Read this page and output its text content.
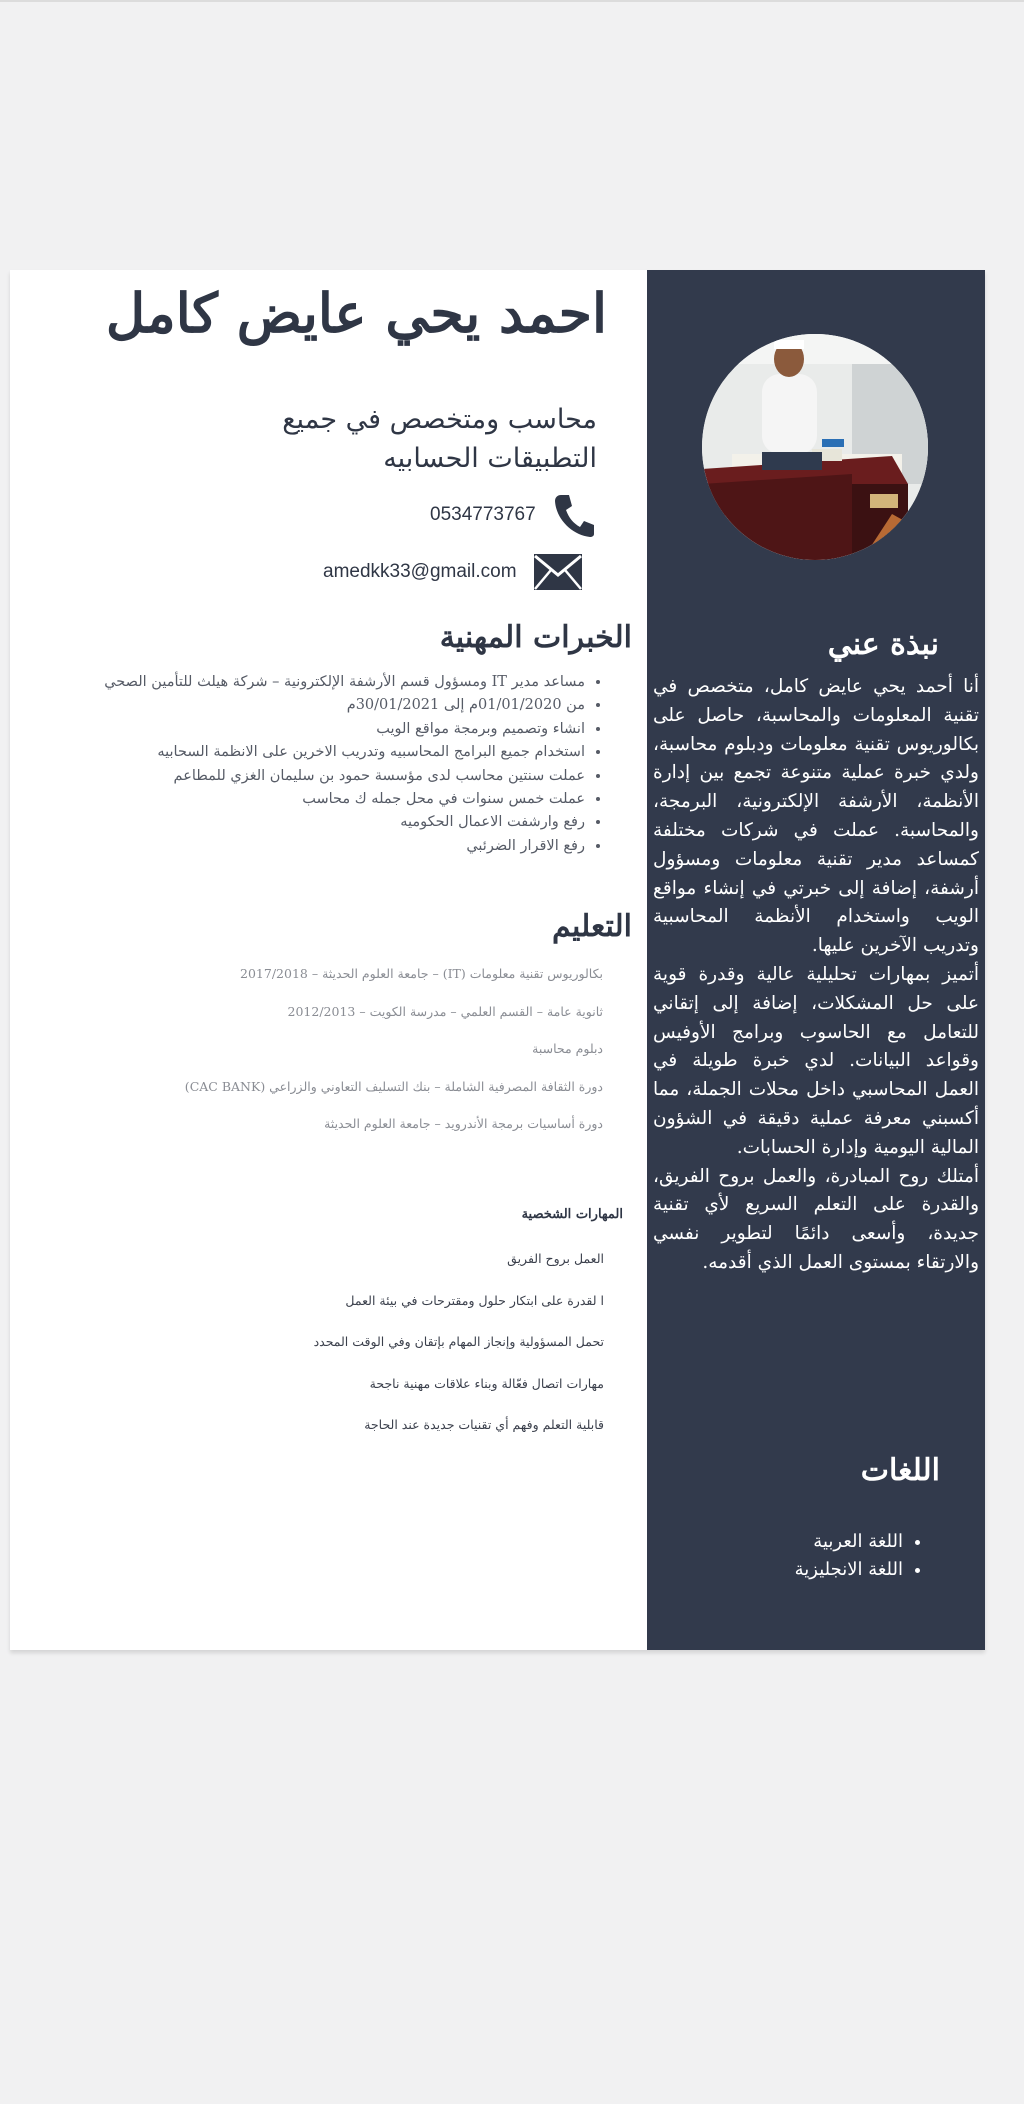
نبذة عني

أنا أحمد يحي عايض كامل، متخصص في تقنية المعلومات والمحاسبة، حاصل على بكالوريوس تقنية معلومات ودبلوم محاسبة، ولدي خبرة عملية متنوعة تجمع بين إدارة الأنظمة، الأرشفة الإلكترونية، البرمجة، والمحاسبة. عملت في شركات مختلفة كمساعد مدير تقنية معلومات ومسؤول أرشفة، إضافة إلى خبرتي في إنشاء مواقع الويب واستخدام الأنظمة المحاسبية وتدريب الآخرين عليها.

أتميز بمهارات تحليلية عالية وقدرة قوية على حل المشكلات، إضافة إلى إتقاني للتعامل مع الحاسوب وبرامج الأوفيس وقواعد البيانات. لدي خبرة طويلة في العمل المحاسبي داخل محلات الجملة، مما أكسبني معرفة عملية دقيقة في الشؤون المالية اليومية وإدارة الحسابات.

أمتلك روح المبادرة، والعمل بروح الفريق، والقدرة على التعلم السريع لأي تقنية جديدة، وأسعى دائمًا لتطوير نفسي والارتقاء بمستوى العمل الذي أقدمه.

اللغات
• اللغة العربية
• اللغة الانجليزية
احمد يحي عايض كامل
محاسب ومتخصص في جميع التطبيقات الحسابيه
0534773767
amedkk33@gmail.com
الخبرات المهنية
• مساعد مدير IT ومسؤول قسم الأرشفة الإلكترونية – شركة هيلث للتأمين الصحي
• من 01/01/2020م إلى 30/01/2021م
• انشاء وتصميم وبرمجة مواقع الويب
• استخدام جميع البرامج المحاسبيه وتدريب الاخرين على الانظمة السحابيه
• عملت سنتين محاسب لدى مؤسسة حمود بن سليمان الغزي للمطاعم
• عملت خمس سنوات في محل جمله ك محاسب
• رفع وارشفت الاعمال الحكوميه
• رفع الاقرار الضرئبي
التعليم
بكالوريوس تقنية معلومات (IT) – جامعة العلوم الحديثة – 2017/2018
ثانوية عامة – القسم العلمي – مدرسة الكويت – 2012/2013
دبلوم محاسبة
دورة الثقافة المصرفية الشاملة – بنك التسليف التعاوني والزراعي (CAC BANK)
دورة أساسيات برمجة الأندرويد – جامعة العلوم الحديثة
المهارات الشخصية
العمل بروح الفريق
ا لقدرة على ابتكار حلول ومقترحات في بيئة العمل
تحمل المسؤولية وإنجاز المهام بإتقان وفي الوقت المحدد
مهارات اتصال فعّالة وبناء علاقات مهنية ناجحة
قابلية التعلم وفهم أي تقنيات جديدة عند الحاجة
